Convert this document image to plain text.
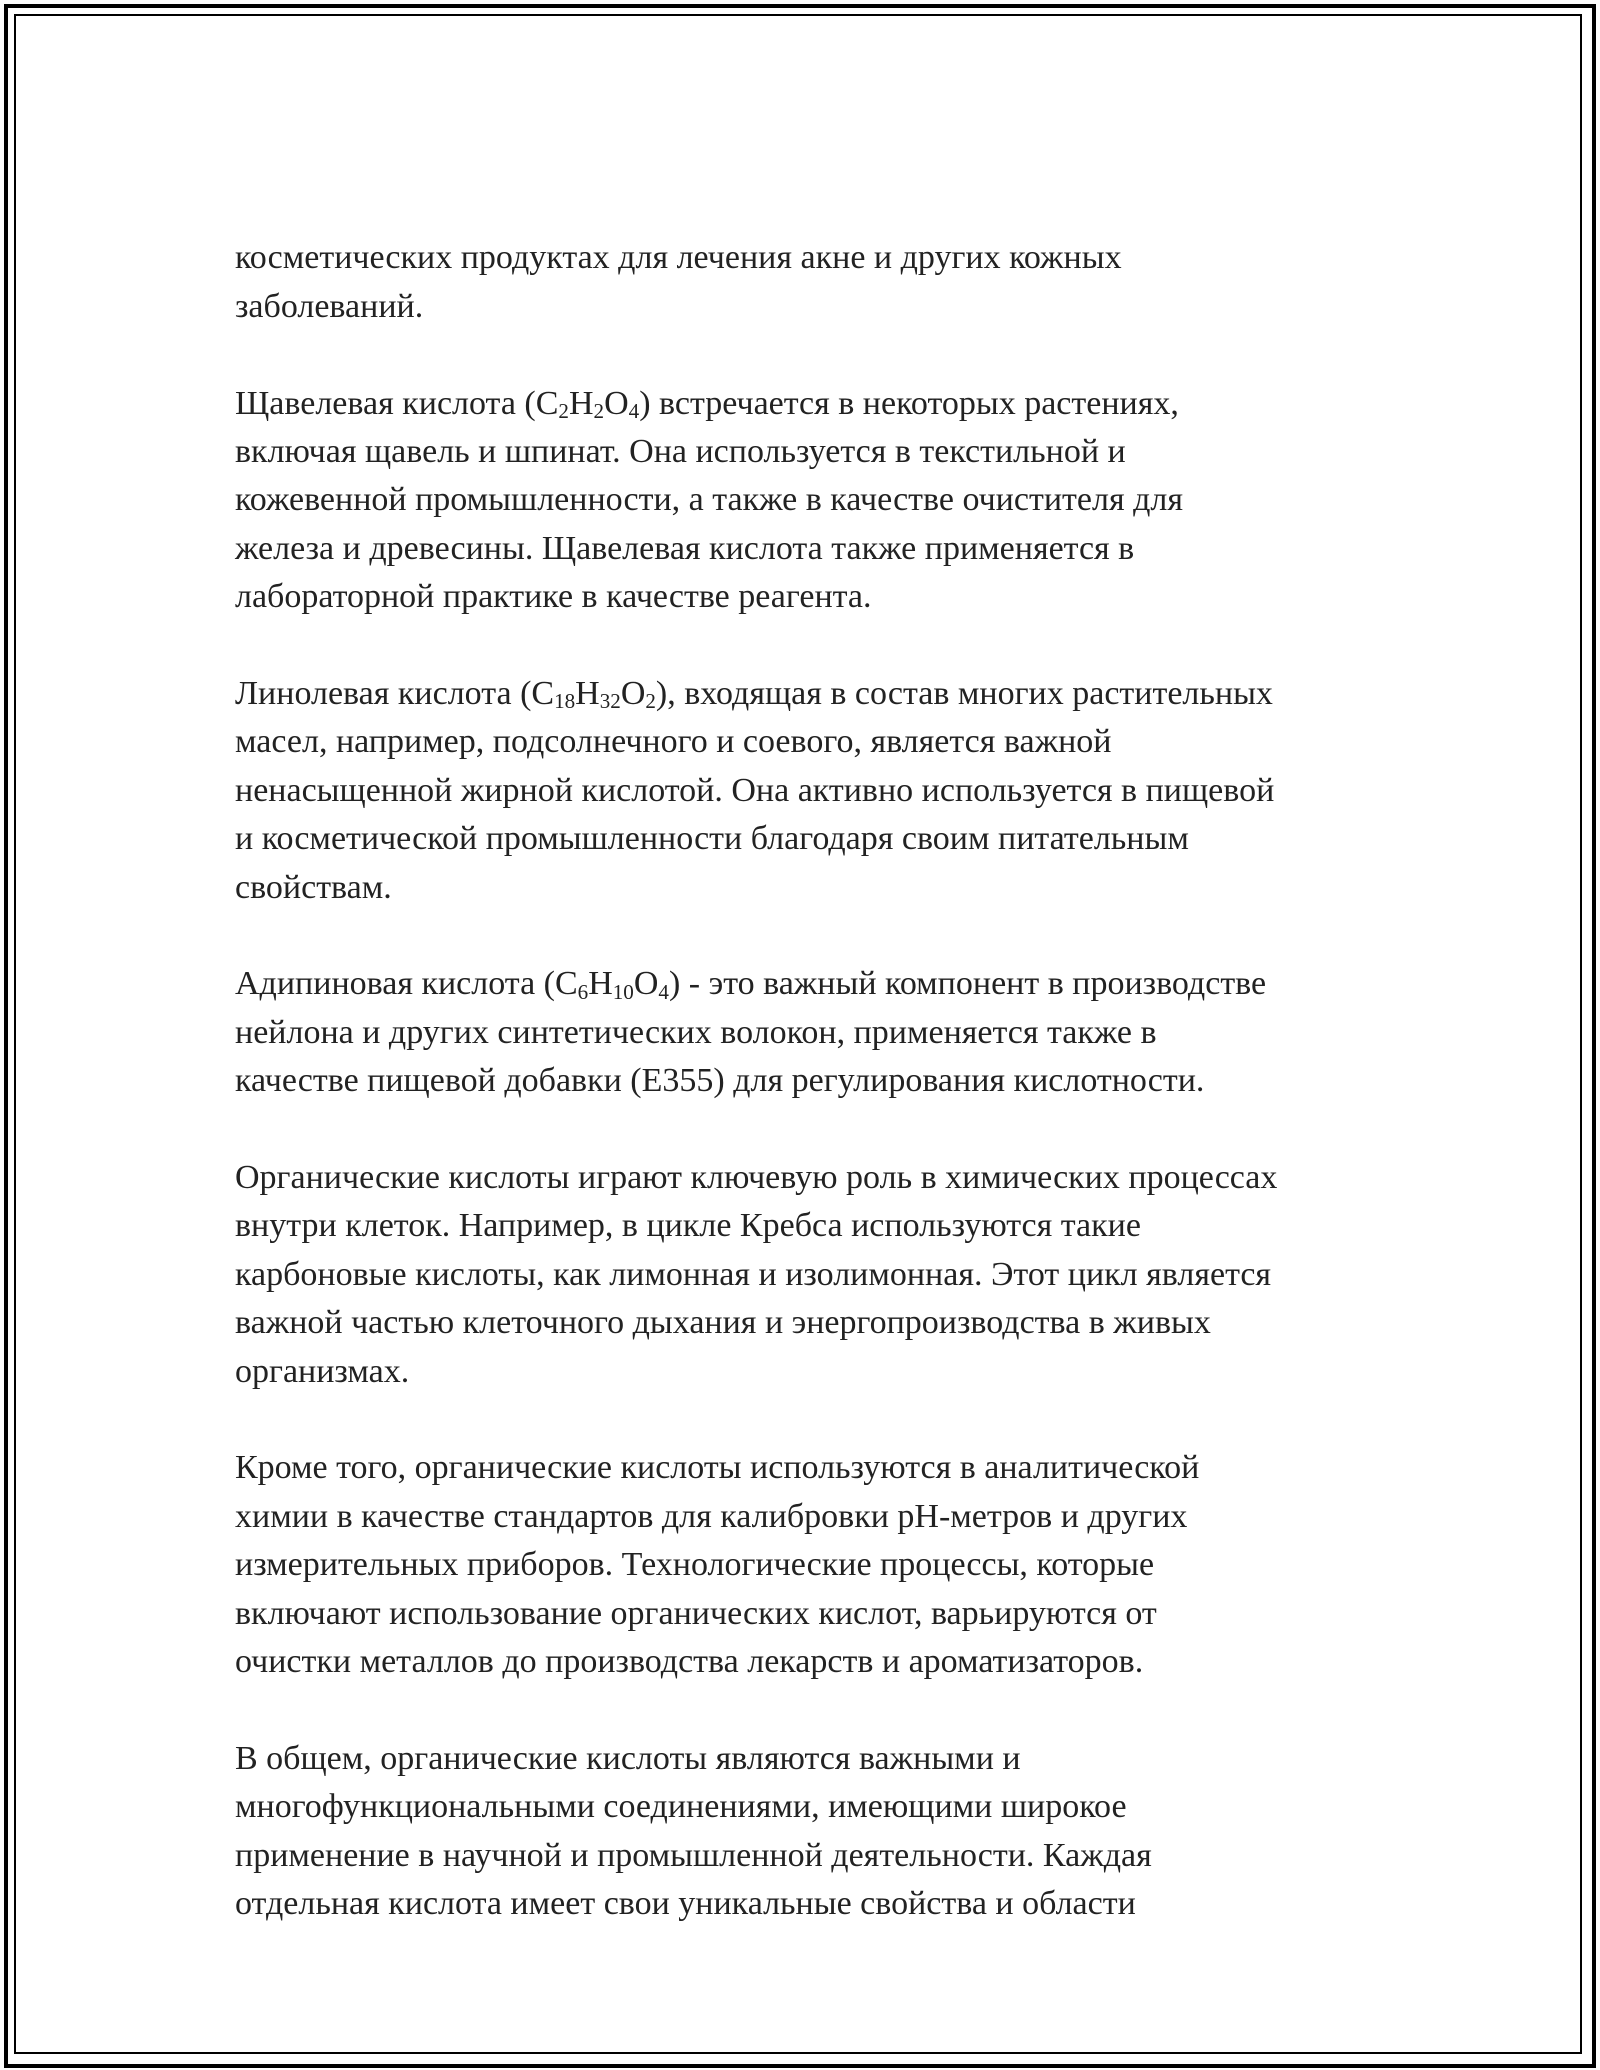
косметических продуктах для лечения акне и других кожных
заболеваний.

Щавелевая кислота $(C_2H_2O_4)$ встречается в некоторых растениях,
включая щавель и шпинат. Она используется в текстильной и
кожевенной промышленности, а также в качестве очистителя для
железа и древесины. Щавелевая кислота также применяется в
лабораторной практике в качестве реагента.

Линолевая кислота $(C_{18}H_{32}O_2)$, входящая в состав многих растительных
масел, например, подсолнечного и соевого, является важной
ненасыщенной жирной кислотой. Она активно используется в пищевой
и косметической промышленности благодаря своим питательным
свойствам.

Адипиновая кислота $(C_6H_{10}O_4)$ - это важный компонент в производстве
нейлона и других синтетических волокон, применяется также в
качестве пищевой добавки (E355) для регулирования кислотности.

Органические кислоты играют ключевую роль в химических процессах
внутри клеток. Например, в цикле Кребса используются такие
карбоновые кислоты, как лимонная и изолимонная. Этот цикл является
важной частью клеточного дыхания и энергопроизводства в живых
организмах.

Кроме того, органические кислоты используются в аналитической
химии в качестве стандартов для калибровки pH-метров и других
измерительных приборов. Технологические процессы, которые
включают использование органических кислот, варьируются от
очистки металлов до производства лекарств и ароматизаторов.

В общем, органические кислоты являются важными и
многофункциональными соединениями, имеющими широкое
применение в научной и промышленной деятельности. Каждая
отдельная кислота имеет свои уникальные свойства и области
